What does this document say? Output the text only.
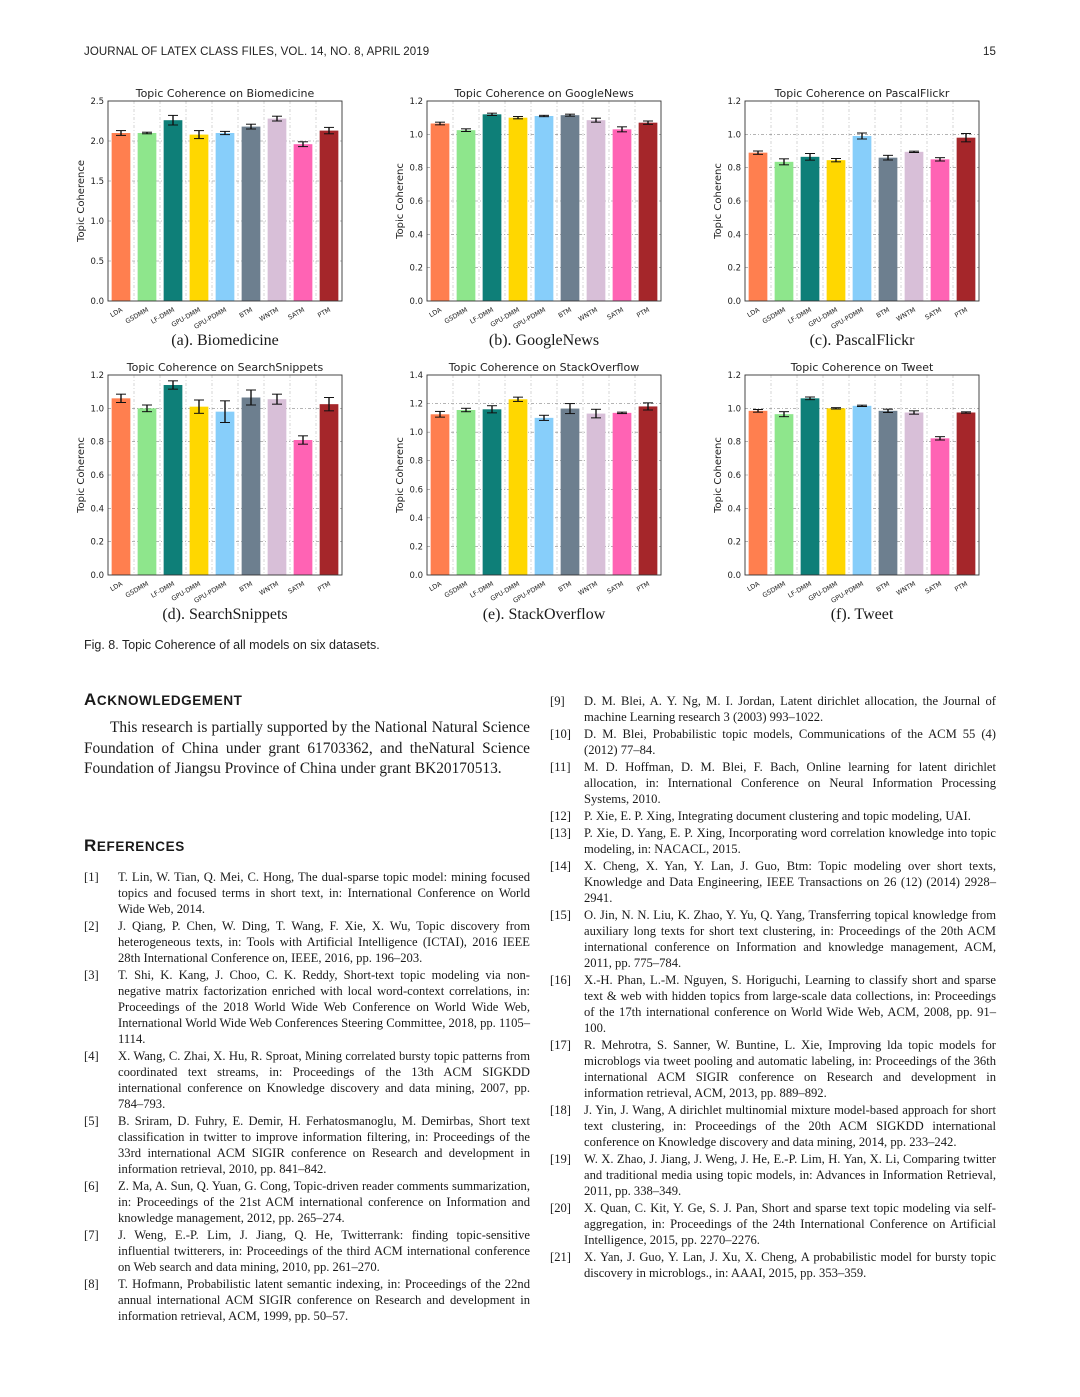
JOURNAL OF LATEX CLASS FILES, VOL. 14, NO. 8, APRIL 2019	15
Topic Coherence on Biomedicine
Topic Coherence
0.0
0.5
1.0
1.5
2.0
2.5
LDA GSDMM LF-DMM
GPU-DMM
GPU-PDMM BTM WNTM SATM PTM
(a). Biomedicine
Topic Coherence on GoogleNews
Topic Coherenc
0.0
0.2
0.4
0.6
0.8
1.0
1.2
LDA GSDMM LF-DMM
GPU-DMM
GPU-PDMM BTM WNTM SATM PTM
(b). GoogleNews
Topic Coherence on PascalFlickr
Topic Coherenc
0.0
0.2
0.4
0.6
0.8
1.0
1.2
LDA GSDMM LF-DMM
GPU-DMM
GPU-PDMM BTM WNTM SATM PTM
(c). PascalFlickr
Topic Coherence on SearchSnippets
Topic Coherenc
0.0
0.2
0.4
0.6
0.8
1.0
1.2
LDA GSDMM LF-DMM
GPU-DMM
GPU-PDMM BTM WNTM SATM PTM
(d). SearchSnippets
Topic Coherence on StackOverflow
Topic Coherenc
0.0
0.2
0.4
0.6
0.8
1.0
1.2
1.4
LDA GSDMM LF-DMM
GPU-DMM
GPU-PDMM BTM WNTM SATM PTM
(e). StackOverflow
Topic Coherence on Tweet
Topic Coherenc
0.0
0.2
0.4
0.6
0.8
1.0
1.2
LDA GSDMM LF-DMM
GPU-DMM
GPU-PDMM BTM WNTM SATM PTM
(f). Tweet
Fig. 8. Topic Coherence of all models on six datasets.
ACKNOWLEDGEMENT
This research is partially supported by the National Natural Science Foundation of China under grant 61703362, and theNatural Science Foundation of Jiangsu Province of China under grant BK20170513.
REFERENCES
[1] T. Lin, W. Tian, Q. Mei, C. Hong, The dual-sparse topic model: mining focused topics and focused terms in short text, in: International Conference on World Wide Web, 2014.
[2] J. Qiang, P. Chen, W. Ding, T. Wang, F. Xie, X. Wu, Topic discovery from heterogeneous texts, in: Tools with Artificial Intelligence (ICTAI), 2016 IEEE 28th International Conference on, IEEE, 2016, pp. 196–203.
[3] T. Shi, K. Kang, J. Choo, C. K. Reddy, Short-text topic modeling via non-negative matrix factorization enriched with local word-context correlations, in: Proceedings of the 2018 World Wide Web Conference on World Wide Web, International World Wide Web Conferences Steering Committee, 2018, pp. 1105–1114.
[4] X. Wang, C. Zhai, X. Hu, R. Sproat, Mining correlated bursty topic patterns from coordinated text streams, in: Proceedings of the 13th ACM SIGKDD international conference on Knowledge discovery and data mining, 2007, pp. 784–793.
[5] B. Sriram, D. Fuhry, E. Demir, H. Ferhatosmanoglu, M. Demirbas, Short text classification in twitter to improve information filtering, in: Proceedings of the 33rd international ACM SIGIR conference on Research and development in information retrieval, 2010, pp. 841–842.
[6] Z. Ma, A. Sun, Q. Yuan, G. Cong, Topic-driven reader comments summarization, in: Proceedings of the 21st ACM international conference on Information and knowledge management, 2012, pp. 265–274.
[7] J. Weng, E.-P. Lim, J. Jiang, Q. He, Twitterrank: finding topic-sensitive influential twitterers, in: Proceedings of the third ACM international conference on Web search and data mining, 2010, pp. 261–270.
[8] T. Hofmann, Probabilistic latent semantic indexing, in: Proceedings of the 22nd annual international ACM SIGIR conference on Research and development in information retrieval, ACM, 1999, pp. 50–57.
[9] D. M. Blei, A. Y. Ng, M. I. Jordan, Latent dirichlet allocation, the Journal of machine Learning research 3 (2003) 993–1022.
[10] D. M. Blei, Probabilistic topic models, Communications of the ACM 55 (4) (2012) 77–84.
[11] M. D. Hoffman, D. M. Blei, F. Bach, Online learning for latent dirichlet allocation, in: International Conference on Neural Information Processing Systems, 2010.
[12] P. Xie, E. P. Xing, Integrating document clustering and topic modeling, UAI.
[13] P. Xie, D. Yang, E. P. Xing, Incorporating word correlation knowledge into topic modeling, in: NACACL, 2015.
[14] X. Cheng, X. Yan, Y. Lan, J. Guo, Btm: Topic modeling over short texts, Knowledge and Data Engineering, IEEE Transactions on 26 (12) (2014) 2928–2941.
[15] O. Jin, N. N. Liu, K. Zhao, Y. Yu, Q. Yang, Transferring topical knowledge from auxiliary long texts for short text clustering, in: Proceedings of the 20th ACM international conference on Information and knowledge management, ACM, 2011, pp. 775–784.
[16] X.-H. Phan, L.-M. Nguyen, S. Horiguchi, Learning to classify short and sparse text & web with hidden topics from large-scale data collections, in: Proceedings of the 17th international conference on World Wide Web, ACM, 2008, pp. 91–100.
[17] R. Mehrotra, S. Sanner, W. Buntine, L. Xie, Improving lda topic models for microblogs via tweet pooling and automatic labeling, in: Proceedings of the 36th international ACM SIGIR conference on Research and development in information retrieval, ACM, 2013, pp. 889–892.
[18] J. Yin, J. Wang, A dirichlet multinomial mixture model-based approach for short text clustering, in: Proceedings of the 20th ACM SIGKDD international conference on Knowledge discovery and data mining, 2014, pp. 233–242.
[19] W. X. Zhao, J. Jiang, J. Weng, J. He, E.-P. Lim, H. Yan, X. Li, Comparing twitter and traditional media using topic models, in: Advances in Information Retrieval, 2011, pp. 338–349.
[20] X. Quan, C. Kit, Y. Ge, S. J. Pan, Short and sparse text topic modeling via self-aggregation, in: Proceedings of the 24th International Conference on Artificial Intelligence, 2015, pp. 2270–2276.
[21] X. Yan, J. Guo, Y. Lan, J. Xu, X. Cheng, A probabilistic model for bursty topic discovery in microblogs., in: AAAI, 2015, pp. 353–359.
